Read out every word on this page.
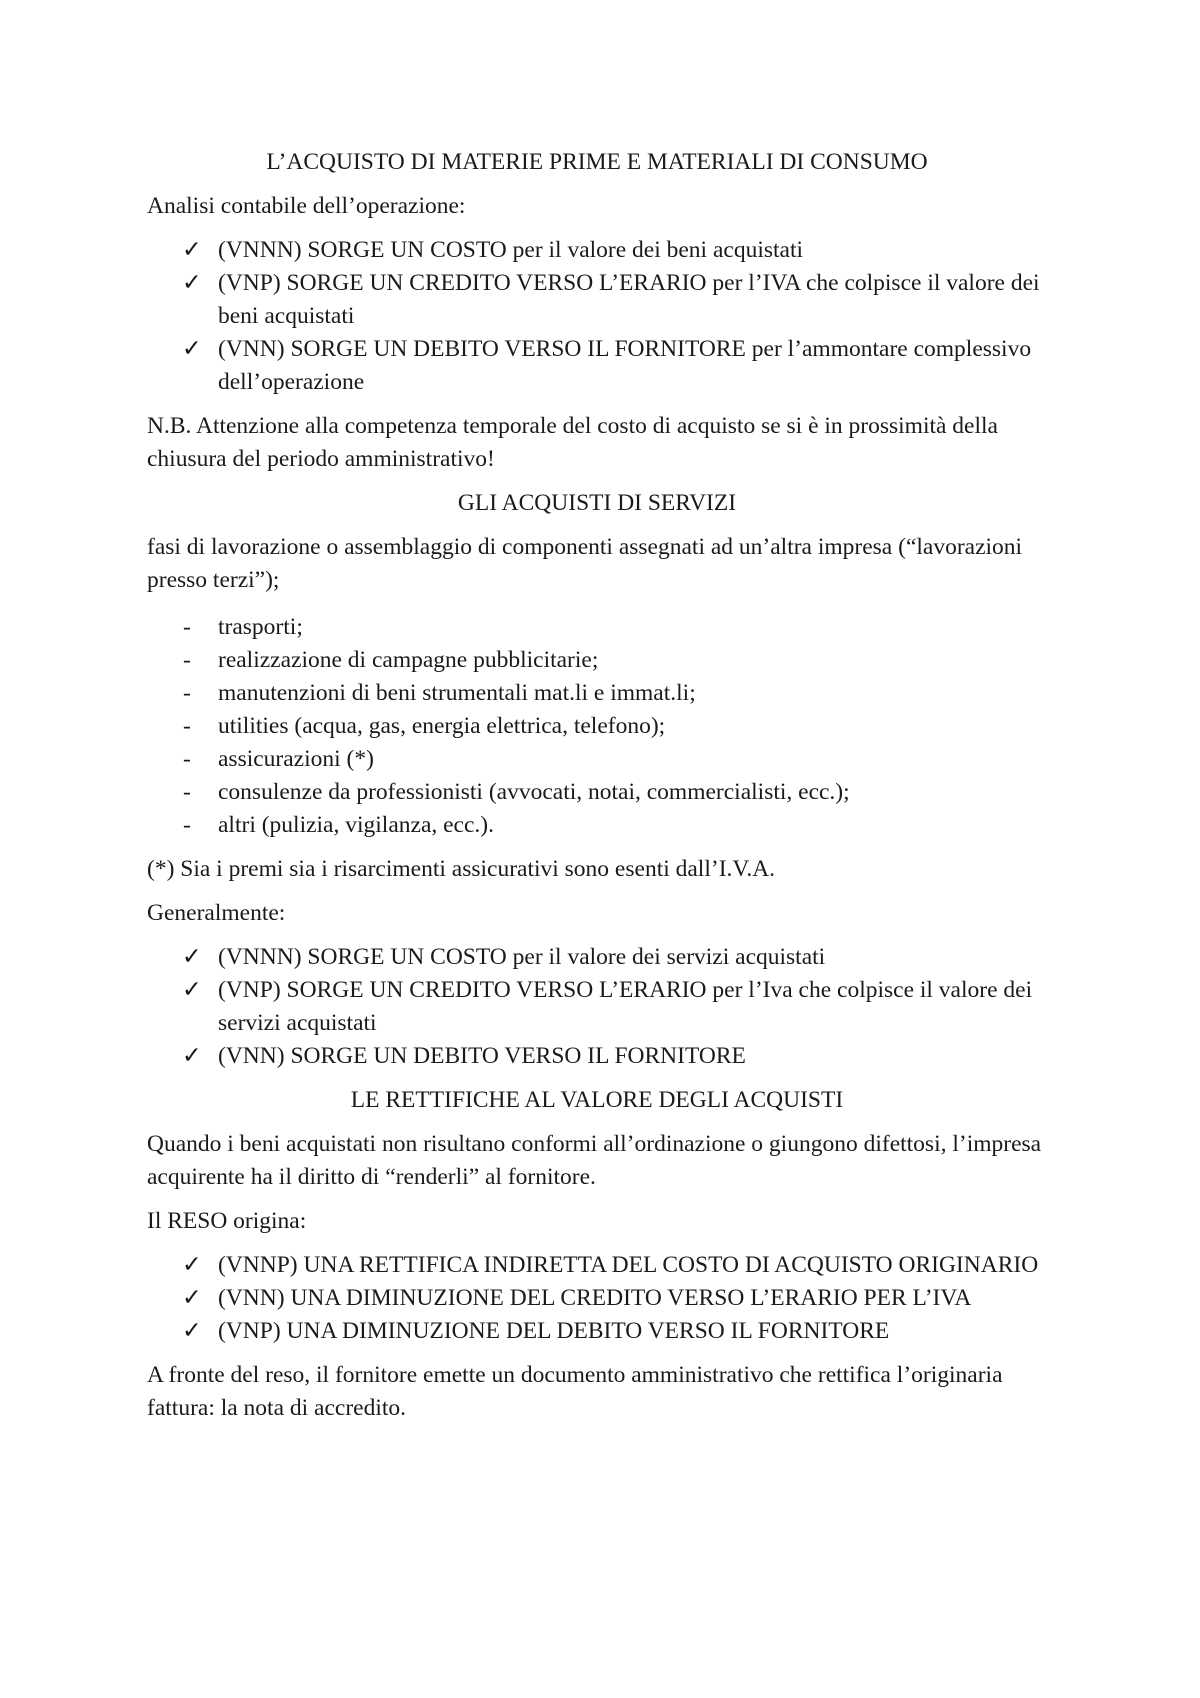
L’ACQUISTO DI MATERIE PRIME E MATERIALI DI CONSUMO

Analisi contabile dell’operazione:

✓ (VNNN) SORGE UN COSTO per il valore dei beni acquistati
✓ (VNP) SORGE UN CREDITO VERSO L’ERARIO per l’IVA che colpisce il valore dei beni acquistati
✓ (VNN) SORGE UN DEBITO VERSO IL FORNITORE per l’ammontare complessivo dell’operazione

N.B. Attenzione alla competenza temporale del costo di acquisto se si è in prossimità della chiusura del periodo amministrativo!

GLI ACQUISTI DI SERVIZI

fasi di lavorazione o assemblaggio di componenti assegnati ad un’altra impresa (“lavorazioni presso terzi”);

-	trasporti;
-	realizzazione di campagne pubblicitarie;
-	manutenzioni di beni strumentali mat.li e immat.li;
-	utilities (acqua, gas, energia elettrica, telefono);
-	assicurazioni (*)
-	consulenze da professionisti (avvocati, notai, commercialisti, ecc.);
-	altri (pulizia, vigilanza, ecc.).

(*) Sia i premi sia i risarcimenti assicurativi sono esenti dall’I.V.A.

Generalmente:

✓ (VNNN) SORGE UN COSTO per il valore dei servizi acquistati
✓ (VNP) SORGE UN CREDITO VERSO L’ERARIO per l’Iva che colpisce il valore dei servizi acquistati
✓ (VNN) SORGE UN DEBITO VERSO IL FORNITORE

LE RETTIFICHE AL VALORE DEGLI ACQUISTI

Quando i beni acquistati non risultano conformi all’ordinazione o giungono difettosi, l’impresa acquirente ha il diritto di “renderli” al fornitore.

Il RESO origina:

✓ (VNNP) UNA RETTIFICA INDIRETTA DEL COSTO DI ACQUISTO ORIGINARIO
✓ (VNN) UNA DIMINUZIONE DEL CREDITO VERSO L’ERARIO PER L’IVA
✓ (VNP) UNA DIMINUZIONE DEL DEBITO VERSO IL FORNITORE

A fronte del reso, il fornitore emette un documento amministrativo che rettifica l’originaria fattura: la nota di accredito.
